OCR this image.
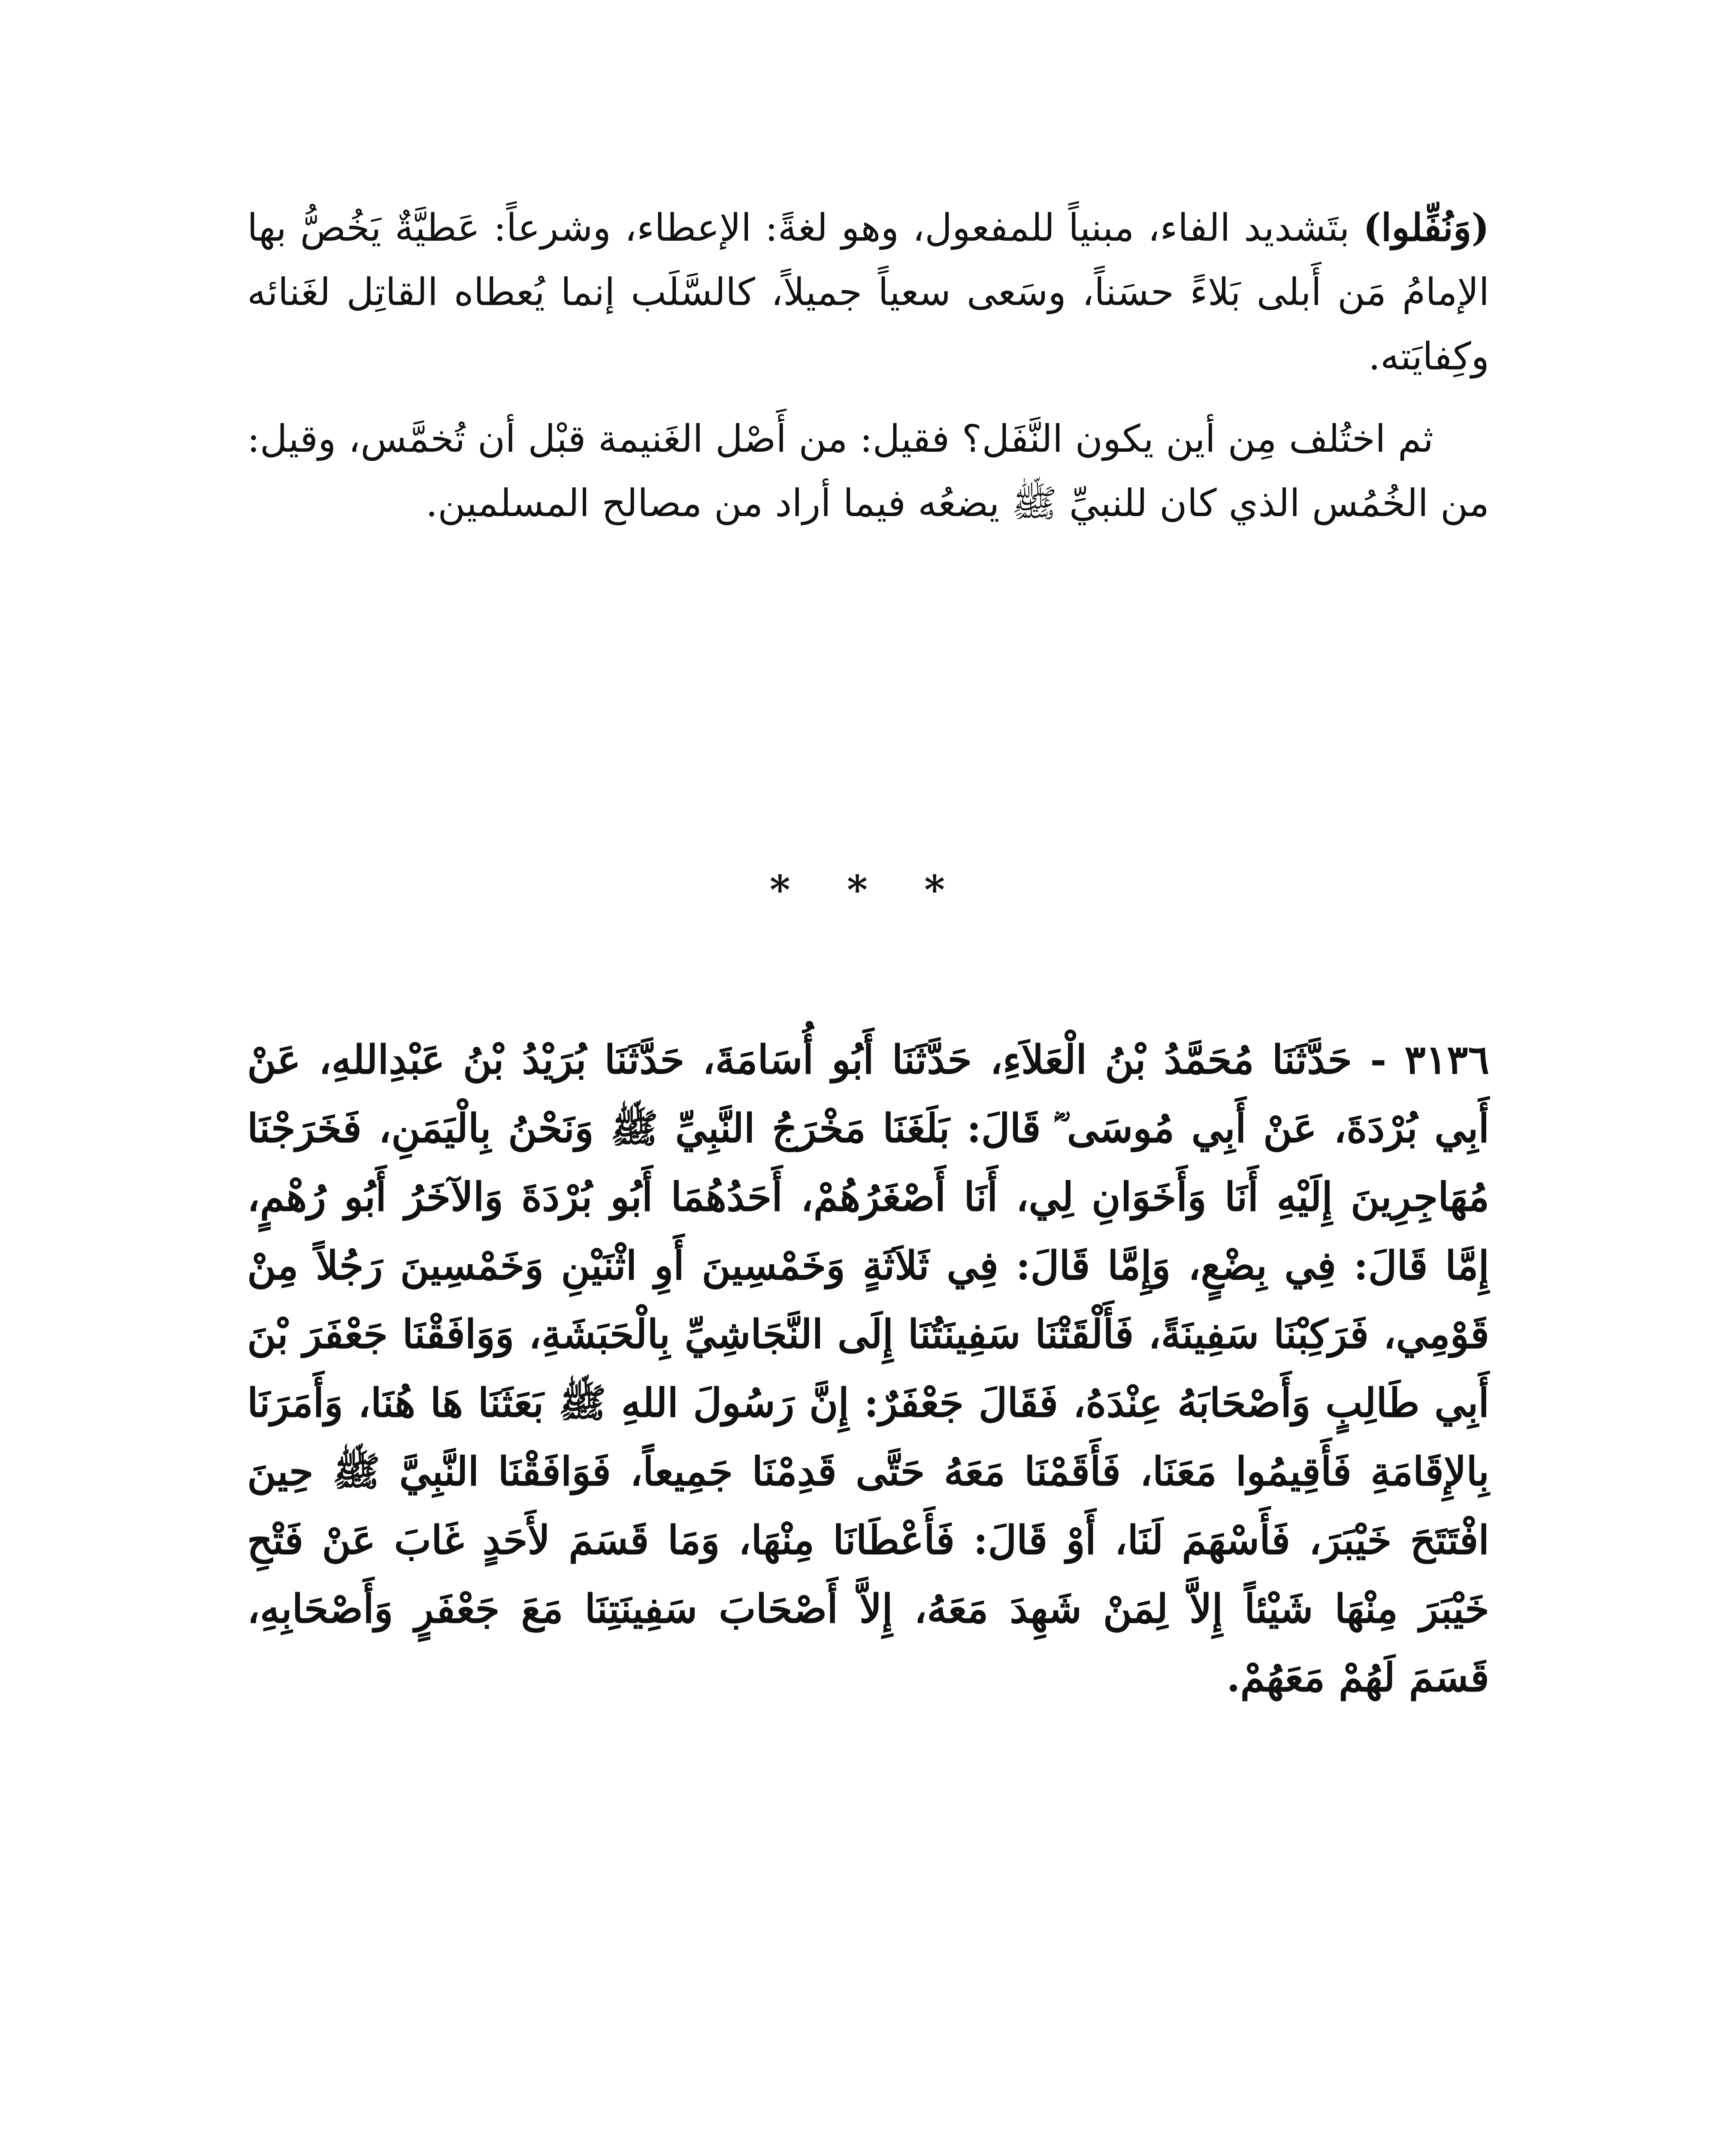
(وَنُفِّلوا) بتَشديد الفاء، مبنياً للمفعول، وهو لغةً: الإعطاء، وشرعاً: عَطيَّةٌ يَخُصُّ بها الإمامُ مَن أَبلى بَلاءً حسَناً، وسَعى سعياً جميلاً، كالسَّلَب إنما يُعطاه القاتِل لغَنائه وكِفايَته.

ثم اختُلف مِن أين يكون النَّفَل؟ فقيل: من أَصْل الغَنيمة قبْل أن تُخمَّس، وقيل: من الخُمُس الذي كان للنبيِّ ﷺ يضعُه فيما أراد من مصالح المسلمين.

* * *

٣١٣٦ - حَدَّثَنَا مُحَمَّدُ بْنُ الْعَلاَءِ، حَدَّثَنَا أَبُو أُسَامَةَ، حَدَّثَنَا بُرَيْدُ بْنُ عَبْدِاللهِ، عَنْ أَبِي بُرْدَةَ، عَنْ أَبِي مُوسَى ؓ قَالَ: بَلَغَنَا مَخْرَجُ النَّبِيِّ ﷺ وَنَحْنُ بِالْيَمَنِ، فَخَرَجْنَا مُهَاجِرِينَ إِلَيْهِ أَنَا وَأَخَوَانِ لِي، أَنَا أَصْغَرُهُمْ، أَحَدُهُمَا أَبُو بُرْدَةَ وَالآخَرُ أَبُو رُهْمٍ، إِمَّا قَالَ: فِي بِضْعٍ، وَإِمَّا قَالَ: فِي ثَلاَثَةٍ وَخَمْسِينَ أَوِ اثْنَيْنِ وَخَمْسِينَ رَجُلاً مِنْ قَوْمِي، فَرَكِبْنَا سَفِينَةً، فَأَلْقَتْنَا سَفِينَتُنَا إِلَى النَّجَاشِيِّ بِالْحَبَشَةِ، وَوَافَقْنَا جَعْفَرَ بْنَ أَبِي طَالِبٍ وَأَصْحَابَهُ عِنْدَهُ، فَقَالَ جَعْفَرٌ: إِنَّ رَسُولَ اللهِ ﷺ بَعَثَنَا هَا هُنَا، وَأَمَرَنَا بِالإِقَامَةِ فَأَقِيمُوا مَعَنَا، فَأَقَمْنَا مَعَهُ حَتَّى قَدِمْنَا جَمِيعاً، فَوَافَقْنَا النَّبِيَّ ﷺ حِينَ افْتَتَحَ خَيْبَرَ، فَأَسْهَمَ لَنَا، أَوْ قَالَ: فَأَعْطَانَا مِنْهَا، وَمَا قَسَمَ لأَحَدٍ غَابَ عَنْ فَتْحِ خَيْبَرَ مِنْهَا شَيْئاً إِلاَّ لِمَنْ شَهِدَ مَعَهُ، إِلاَّ أَصْحَابَ سَفِينَتِنَا مَعَ جَعْفَرٍ وَأَصْحَابِهِ، قَسَمَ لَهُمْ مَعَهُمْ.
